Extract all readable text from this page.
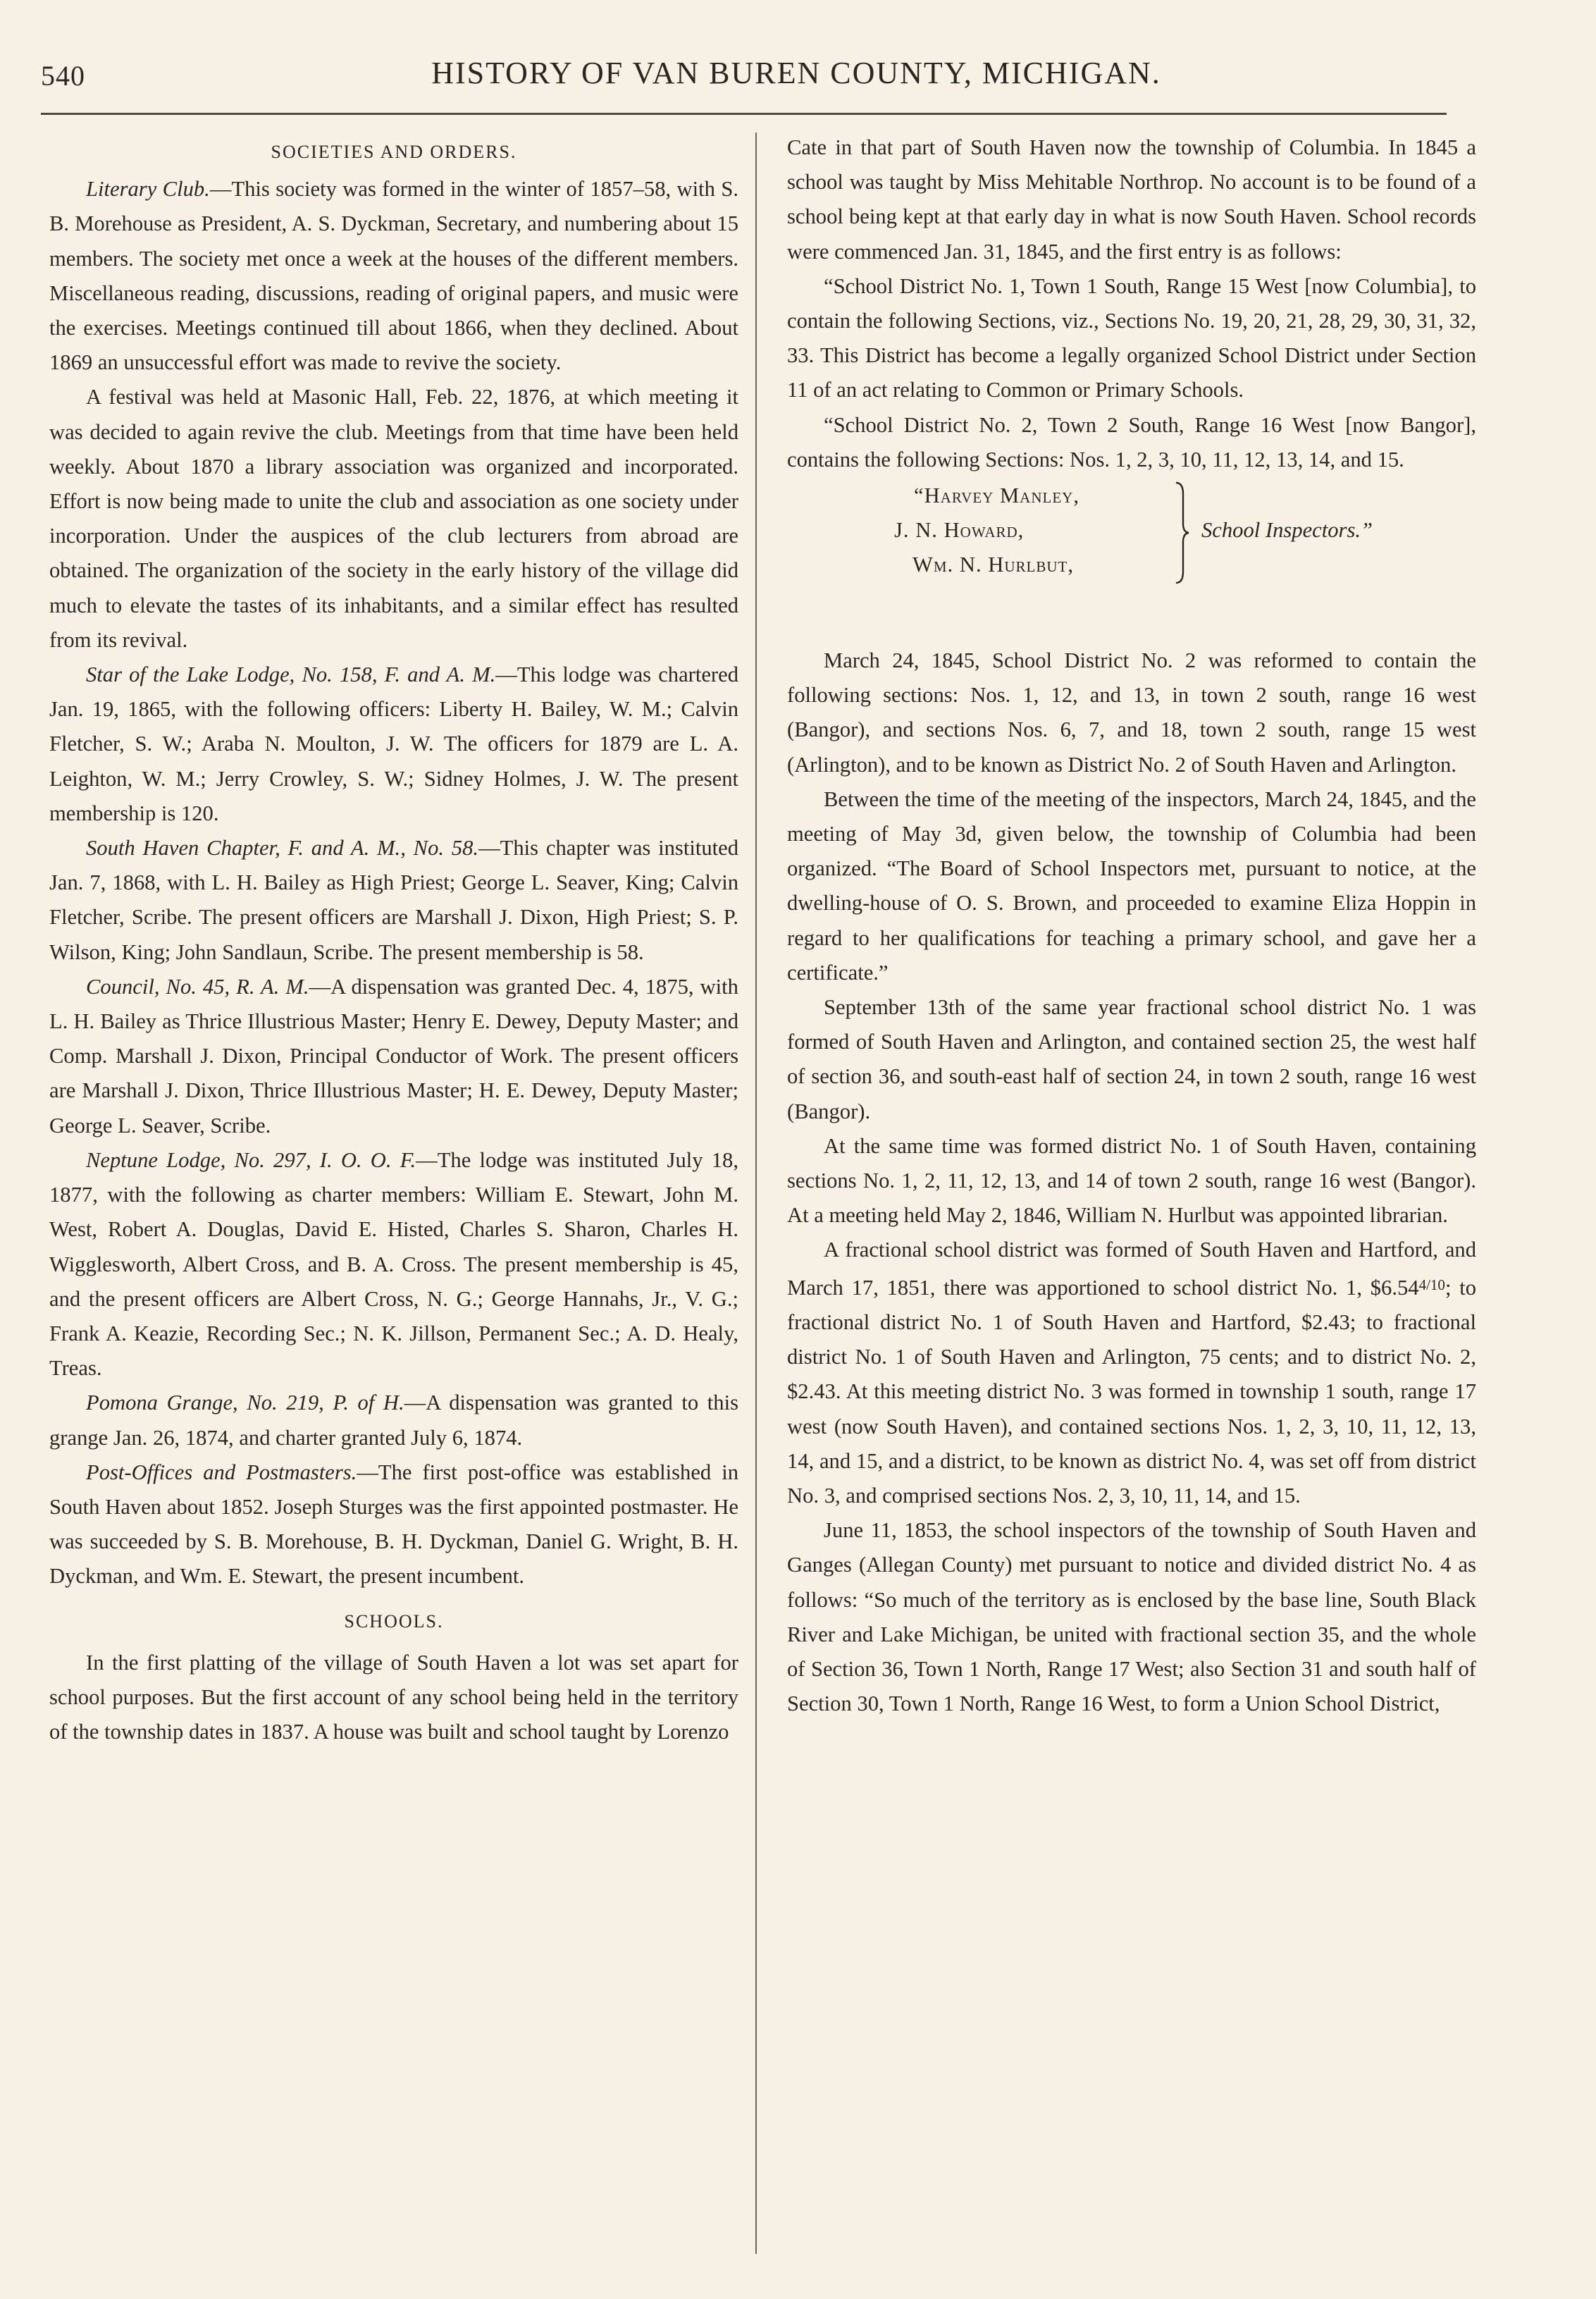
540	HISTORY OF VAN BUREN COUNTY, MICHIGAN.

SOCIETIES AND ORDERS.

Literary Club.—This society was formed in the winter of 1857–58, with S. B. Morehouse as President, A. S. Dyckman, Secretary, and numbering about 15 members. The society met once a week at the houses of the different members. Miscellaneous reading, discussions, reading of original papers, and music were the exercises. Meetings continued till about 1866, when they declined. About 1869 an unsuccessful effort was made to revive the society.

A festival was held at Masonic Hall, Feb. 22, 1876, at which meeting it was decided to again revive the club. Meetings from that time have been held weekly. About 1870 a library association was organized and incorporated. Effort is now being made to unite the club and association as one society under incorporation. Under the auspices of the club lecturers from abroad are obtained. The organization of the society in the early history of the village did much to elevate the tastes of its inhabitants, and a similar effect has resulted from its revival.

Star of the Lake Lodge, No. 158, F. and A. M.—This lodge was chartered Jan. 19, 1865, with the following officers: Liberty H. Bailey, W. M.; Calvin Fletcher, S. W.; Araba N. Moulton, J. W. The officers for 1879 are L. A. Leighton, W. M.; Jerry Crowley, S. W.; Sidney Holmes, J. W. The present membership is 120.

South Haven Chapter, F. and A. M., No. 58.—This chapter was instituted Jan. 7, 1868, with L. H. Bailey as High Priest; George L. Seaver, King; Calvin Fletcher, Scribe. The present officers are Marshall J. Dixon, High Priest; S. P. Wilson, King; John Sandlaun, Scribe. The present membership is 58.

Council, No. 45, R. A. M.—A dispensation was granted Dec. 4, 1875, with L. H. Bailey as Thrice Illustrious Master; Henry E. Dewey, Deputy Master; and Comp. Marshall J. Dixon, Principal Conductor of Work. The present officers are Marshall J. Dixon, Thrice Illustrious Master; H. E. Dewey, Deputy Master; George L. Seaver, Scribe.

Neptune Lodge, No. 297, I. O. O. F.—The lodge was instituted July 18, 1877, with the following as charter members: William E. Stewart, John M. West, Robert A. Douglas, David E. Histed, Charles S. Sharon, Charles H. Wigglesworth, Albert Cross, and B. A. Cross. The present membership is 45, and the present officers are Albert Cross, N. G.; George Hannahs, Jr., V. G.; Frank A. Keazie, Recording Sec.; N. K. Jillson, Permanent Sec.; A. D. Healy, Treas.

Pomona Grange, No. 219, P. of H.—A dispensation was granted to this grange Jan. 26, 1874, and charter granted July 6, 1874.

Post-Offices and Postmasters.—The first post-office was established in South Haven about 1852. Joseph Sturges was the first appointed postmaster. He was succeeded by S. B. Morehouse, B. H. Dyckman, Daniel G. Wright, B. H. Dyckman, and Wm. E. Stewart, the present incumbent.

SCHOOLS.

In the first platting of the village of South Haven a lot was set apart for school purposes. But the first account of any school being held in the territory of the township dates in 1837. A house was built and school taught by Lorenzo

Cate in that part of South Haven now the township of Columbia. In 1845 a school was taught by Miss Mehitable Northrop. No account is to be found of a school being kept at that early day in what is now South Haven. School records were commenced Jan. 31, 1845, and the first entry is as follows:

“School District No. 1, Town 1 South, Range 15 West [now Columbia], to contain the following Sections, viz., Sections No. 19, 20, 21, 28, 29, 30, 31, 32, 33. This District has become a legally organized School District under Section 11 of an act relating to Common or Primary Schools.

“School District No. 2, Town 2 South, Range 16 West [now Bangor], contains the following Sections: Nos. 1, 2, 3, 10, 11, 12, 13, 14, and 15.

“Harvey Manley,
J. N. Howard,
Wm. N. Hurlbut,
School Inspectors.”

March 24, 1845, School District No. 2 was reformed to contain the following sections: Nos. 1, 12, and 13, in town 2 south, range 16 west (Bangor), and sections Nos. 6, 7, and 18, town 2 south, range 15 west (Arlington), and to be known as District No. 2 of South Haven and Arlington.

Between the time of the meeting of the inspectors, March 24, 1845, and the meeting of May 3d, given below, the township of Columbia had been organized. “The Board of School Inspectors met, pursuant to notice, at the dwelling-house of O. S. Brown, and proceeded to examine Eliza Hoppin in regard to her qualifications for teaching a primary school, and gave her a certificate.”

September 13th of the same year fractional school district No. 1 was formed of South Haven and Arlington, and contained section 25, the west half of section 36, and south-east half of section 24, in town 2 south, range 16 west (Bangor).

At the same time was formed district No. 1 of South Haven, containing sections No. 1, 2, 11, 12, 13, and 14 of town 2 south, range 16 west (Bangor). At a meeting held May 2, 1846, William N. Hurlbut was appointed librarian.

A fractional school district was formed of South Haven and Hartford, and March 17, 1851, there was apportioned to school district No. 1, $\$6.54^{4/10}$; to fractional district No. 1 of South Haven and Hartford, $2.43; to fractional district No. 1 of South Haven and Arlington, 75 cents; and to district No. 2, $2.43. At this meeting district No. 3 was formed in township 1 south, range 17 west (now South Haven), and contained sections Nos. 1, 2, 3, 10, 11, 12, 13, 14, and 15, and a district, to be known as district No. 4, was set off from district No. 3, and comprised sections Nos. 2, 3, 10, 11, 14, and 15.

June 11, 1853, the school inspectors of the township of South Haven and Ganges (Allegan County) met pursuant to notice and divided district No. 4 as follows: “So much of the territory as is enclosed by the base line, South Black River and Lake Michigan, be united with fractional section 35, and the whole of Section 36, Town 1 North, Range 17 West; also Section 31 and south half of Section 30, Town 1 North, Range 16 West, to form a Union School District,
